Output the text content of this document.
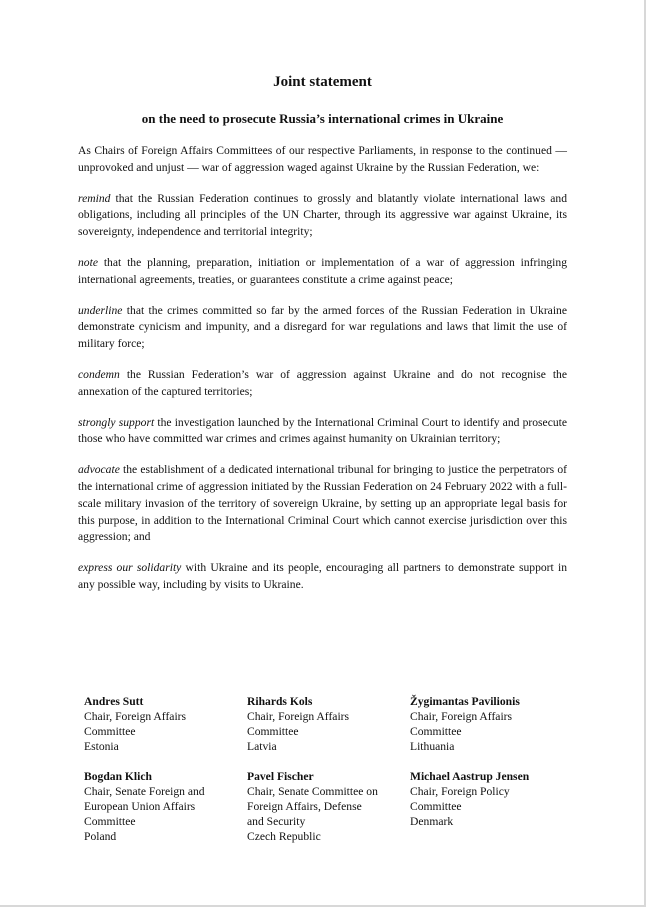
Joint statement
on the need to prosecute Russia’s international crimes in Ukraine

As Chairs of Foreign Affairs Committees of our respective Parliaments, in response to the continued — unprovoked and unjust — war of aggression waged against Ukraine by the Russian Federation, we:

remind that the Russian Federation continues to grossly and blatantly violate international laws and obligations, including all principles of the UN Charter, through its aggressive war against Ukraine, its sovereignty, independence and territorial integrity;

note that the planning, preparation, initiation or implementation of a war of aggression infringing international agreements, treaties, or guarantees constitute a crime against peace;

underline that the crimes committed so far by the armed forces of the Russian Federation in Ukraine demonstrate cynicism and impunity, and a disregard for war regulations and laws that limit the use of military force;

condemn the Russian Federation’s war of aggression against Ukraine and do not recognise the annexation of the captured territories;

strongly support the investigation launched by the International Criminal Court to identify and prosecute those who have committed war crimes and crimes against humanity on Ukrainian territory;

advocate the establishment of a dedicated international tribunal for bringing to justice the perpetrators of the international crime of aggression initiated by the Russian Federation on 24 February 2022 with a full-scale military invasion of the territory of sovereign Ukraine, by setting up an appropriate legal basis for this purpose, in addition to the International Criminal Court which cannot exercise jurisdiction over this aggression; and

express our solidarity with Ukraine and its people, encouraging all partners to demonstrate support in any possible way, including by visits to Ukraine.

Andres Sutt
Chair, Foreign Affairs
Committee
Estonia
Rihards Kols
Chair, Foreign Affairs
Committee
Latvia
Žygimantas Pavilionis
Chair, Foreign Affairs
Committee
Lithuania
Bogdan Klich
Chair, Senate Foreign and
European Union Affairs
Committee
Poland
Pavel Fischer
Chair, Senate Committee on
Foreign Affairs, Defense
and Security
Czech Republic
Michael Aastrup Jensen
Chair, Foreign Policy
Committee
Denmark
